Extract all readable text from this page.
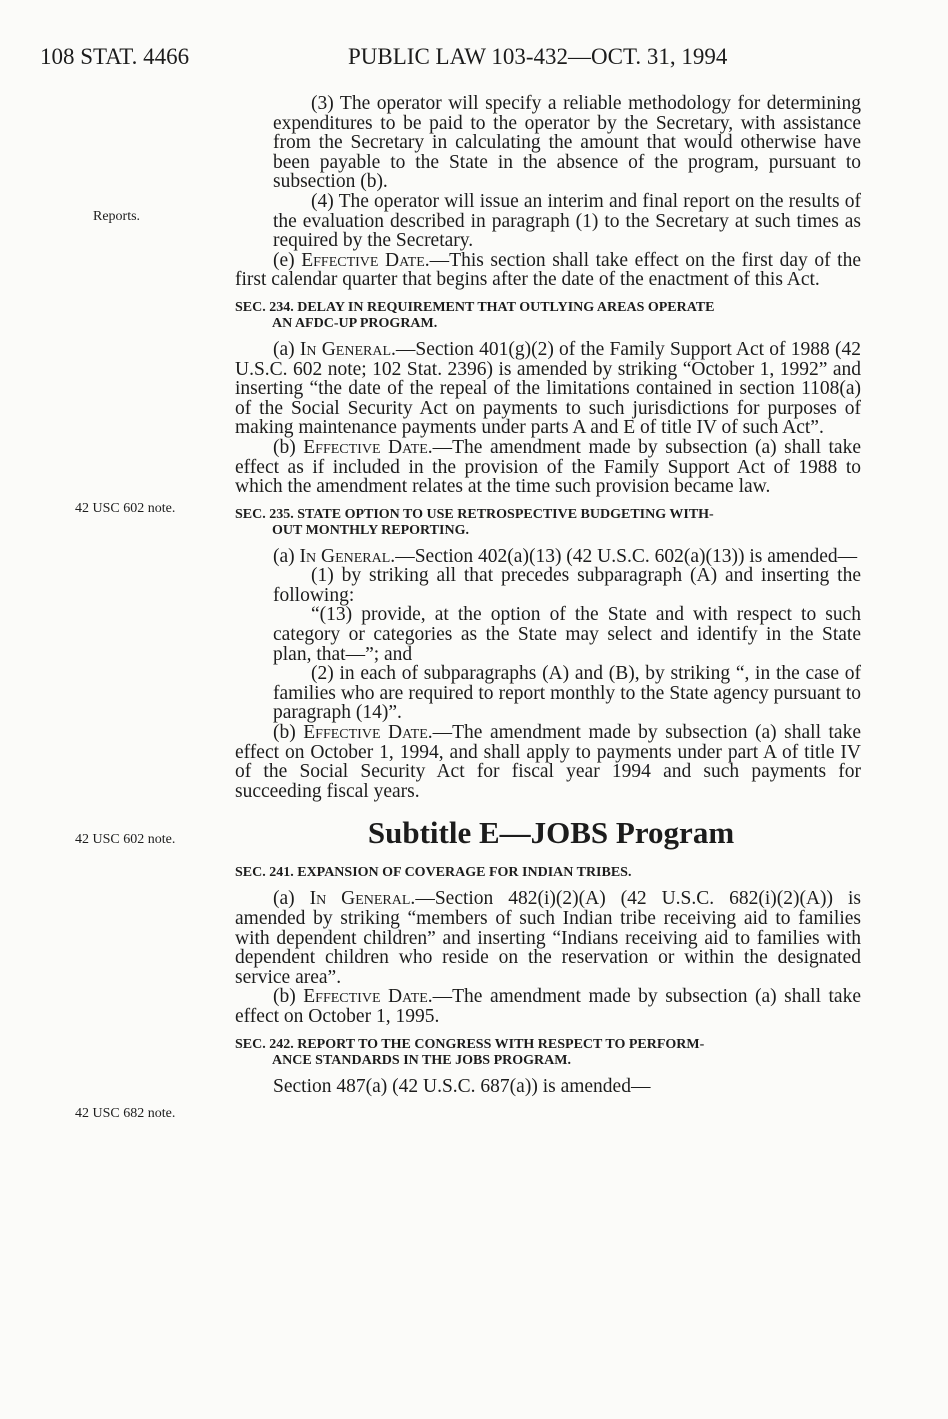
108 STAT. 4466	PUBLIC LAW 103-432—OCT. 31, 1994
Reports.
42 USC 602 note.
42 USC 602 note.
42 USC 682 note.

(3) The operator will specify a reliable methodology for determining expenditures to be paid to the operator by the Secretary, with assistance from the Secretary in calculating the amount that would otherwise have been payable to the State in the absence of the program, pursuant to subsection (b).

(4) The operator will issue an interim and final report on the results of the evaluation described in paragraph (1) to the Secretary at such times as required by the Secretary.

(e) Effective Date.—This section shall take effect on the first day of the first calendar quarter that begins after the date of the enactment of this Act.

SEC. 234. DELAY IN REQUIREMENT THAT OUTLYING AREAS OPERATE
AN AFDC-UP PROGRAM.

(a) In General.—Section 401(g)(2) of the Family Support Act of 1988 (42 U.S.C. 602 note; 102 Stat. 2396) is amended by striking “October 1, 1992” and inserting “the date of the repeal of the limitations contained in section 1108(a) of the Social Security Act on payments to such jurisdictions for purposes of making maintenance payments under parts A and E of title IV of such Act”.

(b) Effective Date.—The amendment made by subsection (a) shall take effect as if included in the provision of the Family Support Act of 1988 to which the amendment relates at the time such provision became law.

SEC. 235. STATE OPTION TO USE RETROSPECTIVE BUDGETING WITH-
OUT MONTHLY REPORTING.

(a) In General.—Section 402(a)(13) (42 U.S.C. 602(a)(13)) is amended—

(1) by striking all that precedes subparagraph (A) and inserting the following:

“(13) provide, at the option of the State and with respect to such category or categories as the State may select and identify in the State plan, that—”; and

(2) in each of subparagraphs (A) and (B), by striking “, in the case of families who are required to report monthly to the State agency pursuant to paragraph (14)”.

(b) Effective Date.—The amendment made by subsection (a) shall take effect on October 1, 1994, and shall apply to payments under part A of title IV of the Social Security Act for fiscal year 1994 and such payments for succeeding fiscal years.

Subtitle E—JOBS Program
SEC. 241. EXPANSION OF COVERAGE FOR INDIAN TRIBES.

(a) In General.—Section 482(i)(2)(A) (42 U.S.C. 682(i)(2)(A)) is amended by striking “members of such Indian tribe receiving aid to families with dependent children” and inserting “Indians receiving aid to families with dependent children who reside on the reservation or within the designated service area”.

(b) Effective Date.—The amendment made by subsection (a) shall take effect on October 1, 1995.

SEC. 242. REPORT TO THE CONGRESS WITH RESPECT TO PERFORM-
ANCE STANDARDS IN THE JOBS PROGRAM.

Section 487(a) (42 U.S.C. 687(a)) is amended—
